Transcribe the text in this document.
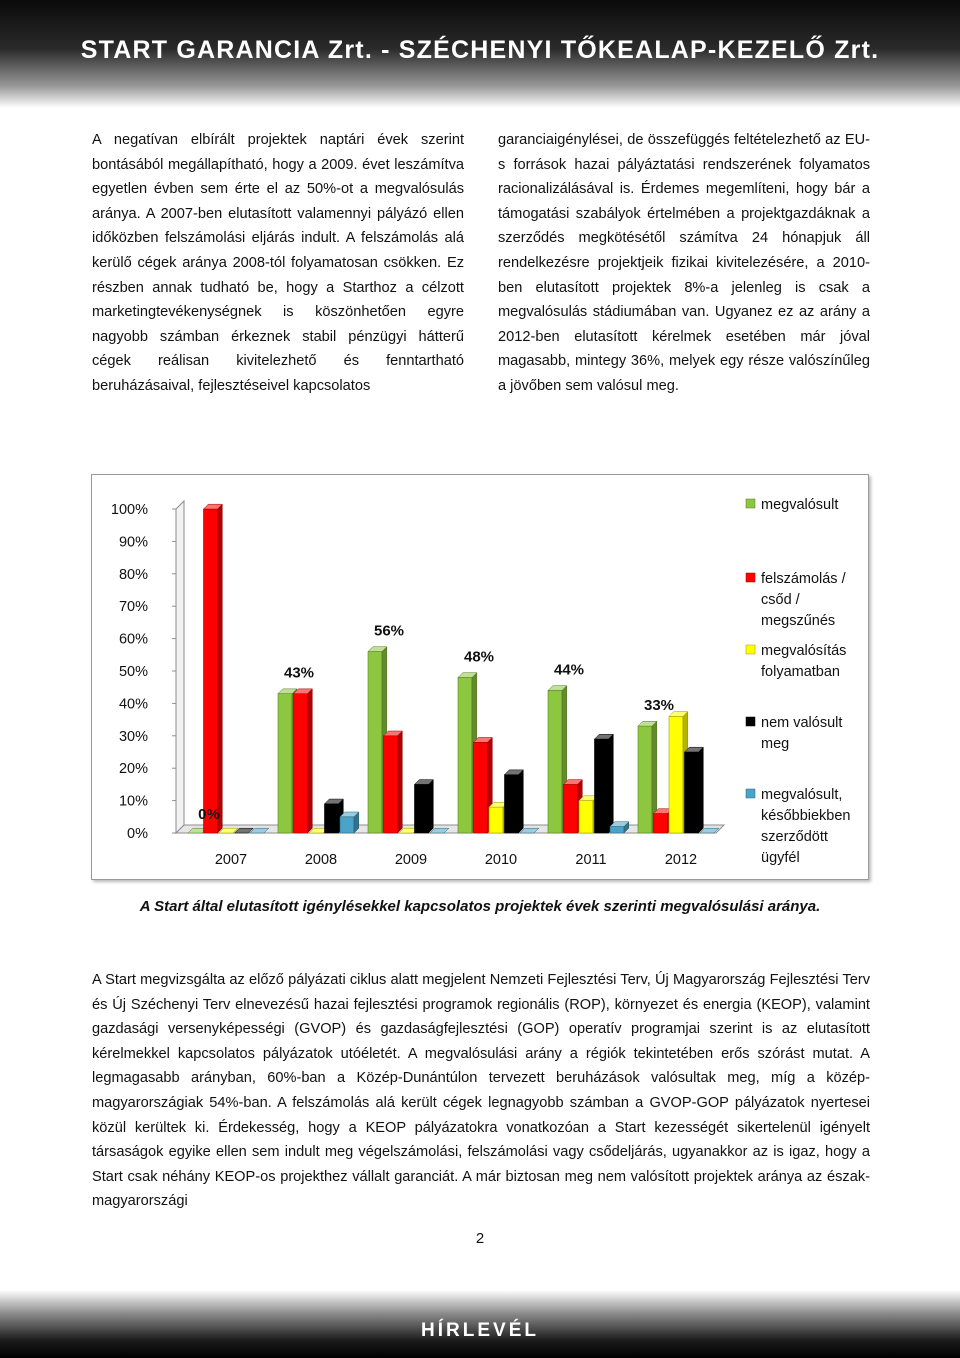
START GARANCIA Zrt. - SZÉCHENYI TŐKEALAP-KEZELŐ Zrt.
A negatívan elbírált projektek naptári évek szerint bontásából megállapítható, hogy a 2009. évet leszámítva egyetlen évben sem érte el az 50%-ot a megvalósulás aránya. A 2007-ben elutasított valamennyi pályázó ellen időközben felszámolási eljárás indult. A felszámolás alá kerülő cégek aránya 2008-tól folyamatosan csökken. Ez részben annak tudható be, hogy a Starthoz a célzott marketingtevékenységnek is köszönhetően egyre nagyobb számban érkeznek stabil pénzügyi hátterű cégek reálisan kivitelezhető és fenntartható beruházásaival, fejlesztéseivel kapcsolatos
garanciaigénylései, de összefüggés feltételezhető az EU-s források hazai pályáztatási rendszerének folyamatos racionalizálásával is. Érdemes megemlíteni, hogy bár a támogatási szabályok értelmében a projektgazdáknak a szerződés megkötésétől számítva 24 hónapjuk áll rendelkezésre projektjeik fizikai kivitelezésére, a 2010-ben elutasított projektek 8%-a jelenleg is csak a megvalósulás stádiumában van. Ugyanez ez az arány a 2012-ben elutasított kérelmek esetében már jóval magasabb, mintegy 36%, melyek egy része valószínűleg a jövőben sem valósul meg.
0%
10%
20%
30%
40%
50%
60%
70%
80%
90%
100%
0%
2007
43%
2008
56%
2009
48%
2010
44%
2011
33%
2012
megvalósult
felszámolás /
csőd /
megszűnés
megvalósítás
folyamatban
nem valósult
meg
megvalósult,
későbbiekben
szerződött
ügyfél
A Start által elutasított igénylésekkel kapcsolatos projektek évek szerinti megvalósulási aránya.
A Start megvizsgálta az előző pályázati ciklus alatt megjelent Nemzeti Fejlesztési Terv, Új Magyarország Fejlesztési Terv és Új Széchenyi Terv elnevezésű hazai fejlesztési programok regionális (ROP), környezet és energia (KEOP), valamint gazdasági versenyképességi (GVOP) és gazdaságfejlesztési (GOP) operatív programjai szerint is az elutasított kérelmekkel kapcsolatos pályázatok utóéletét. A megvalósulási arány a régiók tekintetében erős szórást mutat. A legmagasabb arányban, 60%-ban a Közép-Dunántúlon tervezett beruházások valósultak meg, míg a közép-magyarországiak 54%-ban. A felszámolás alá került cégek legnagyobb számban a GVOP-GOP pályázatok nyertesei közül kerültek ki. Érdekesség, hogy a KEOP pályázatokra vonatkozóan a Start kezességét sikertelenül igényelt társaságok egyike ellen sem indult meg végelszámolási, felszámolási vagy csődeljárás, ugyanakkor az is igaz, hogy a Start csak néhány KEOP-os projekthez vállalt garanciát. A már biztosan meg nem valósított projektek aránya az észak- magyarországi
2
HÍRLEVÉL
